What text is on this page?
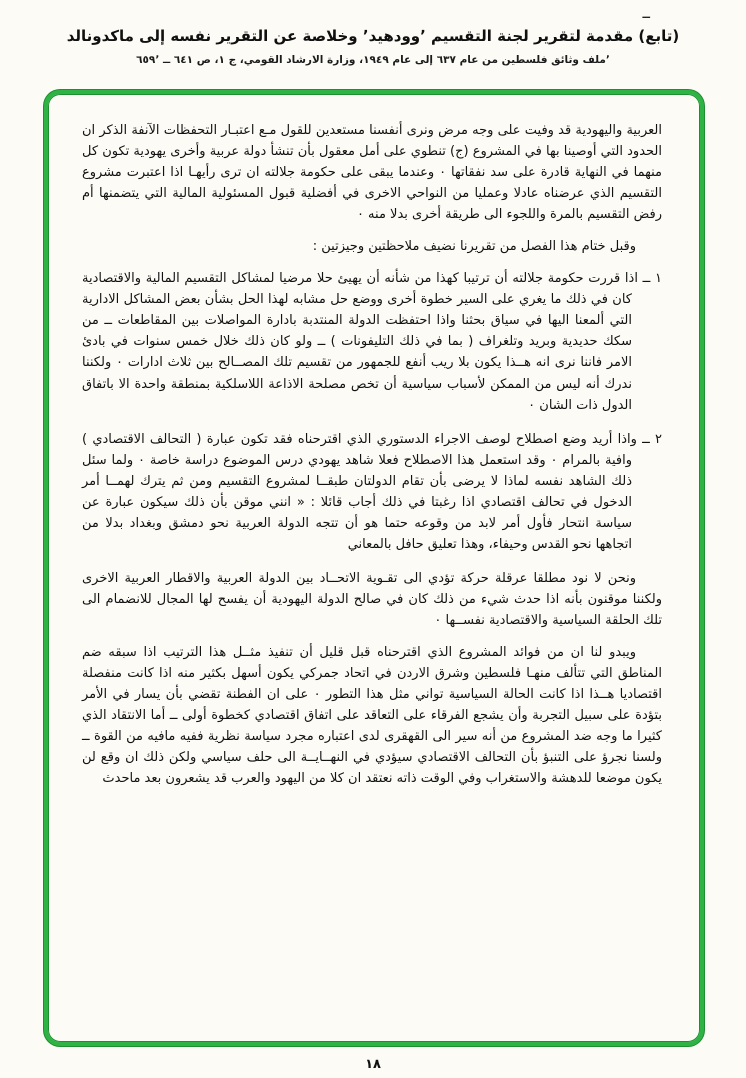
ــ
(تابع) مقدمة لتقرير لجنة التقسيم ٬وودهيد٬ وخلاصة عن التقرير نفسه إلى ماكدونالد
٬ملف وثائق فلسطين من عام ٦٣٧ إلى عام ١٩٤٩، وزارة الارشاد القومي، ج ١، ص ٦٤١ ــ ٦٥٩٬

العربية واليهودية قد وفيت على وجه مرض ونرى أنفسنا مستعدين للقول مـع اعتبـار التحفظات الآنفة الذكر ان الحدود التي أوصينا بها في المشروع (ج) تنطوي على أمل معقول بأن تنشأ دولة عربية وأخرى يهودية تكون كل منهما في النهاية قادرة على سد نفقاتها ٠ وعندما يبقى على حكومة جلالته ان ترى رأيهـا اذا اعتبرت مشروع التقسيم الذي عرضناه عادلا وعمليا من النواحي الاخرى في أفضلية قبول المسئولية المالية التي يتضمنها أم رفض التقسيم بالمرة واللجوء الى طريقة أخرى بدلا منه ٠

وقبل ختام هذا الفصل من تقريرنا نضيف ملاحظتين وجيزتين :

١ ــ اذا قررت حكومة جلالته أن ترتيبا كهذا من شأنه أن يهيئ حلا مرضيا لمشاكل التقسيم المالية والاقتصادية كان في ذلك ما يغري على السير خطوة أخرى ووضع حل مشابه لهذا الحل بشأن بعض المشاكل الادارية التي ألمعنا اليها في سياق بحثنا واذا احتفظت الدولة المنتدبة بادارة المواصلات بين المقاطعات ــ من سكك حديدية وبريد وتلغراف ( بما في ذلك التليفونات ) ــ ولو كان ذلك خلال خمس سنوات في بادئ الامر فاننا نرى انه هــذا يكون بلا ريب أنفع للجمهور من تقسيم تلك المصــالح بين ثلاث ادارات ٠ ولكننا ندرك أنه ليس من الممكن لأسباب سياسية أن تخص مصلحة الاذاعة اللاسلكية بمنطقة واحدة الا باتفاق الدول ذات الشان ٠

٢ ــ واذا أريد وضع اصطلاح لوصف الاجراء الدستوري الذي اقترحناه فقد تكون عبارة ( التحالف الاقتصادي ) وافية بالمرام ٠ وقد استعمل هذا الاصطلاح فعلا شاهد يهودي درس الموضوع دراسة خاصة ٠ ولما سئل ذلك الشاهد نفسه لماذا لا يرضى بأن تقام الدولتان طبقــا لمشروع التقسيم ومن ثم يترك لهمــا أمر الدخول في تحالف اقتصادي اذا رغبتا في ذلك أجاب قائلا : « انني موقن بأن ذلك سيكون عبارة عن سياسة انتحار فأول أمر لابد من وقوعه حتما هو أن تتجه الدولة العربية نحو دمشق وبغداد بدلا من اتجاهها نحو القدس وحيفاء، وهذا تعليق حافل بالمعاني

ونحن لا نود مطلقا عرقلة حركة تؤدي الى تقـوية الاتحــاد بين الدولة العربية والاقطار العربية الاخرى ولكننا موقنون بأنه اذا حدث شيء من ذلك كان في صالح الدولة اليهودية أن يفسح لها المجال للانضمام الى تلك الحلقة السياسية والاقتصادية نفســها ٠

ويبدو لنا ان من فوائد المشروع الذي اقترحناه قبل قليل أن تنفيذ مثــل هذا الترتيب اذا سبقه ضم المناطق التي تتألف منهـا فلسطين وشرق الاردن في اتحاد جمركي يكون أسهل بكثير منه اذا كانت منفصلة اقتصاديا هــذا اذا كانت الحالة السياسية تواني مثل هذا التطور ٠ على ان الفطنة تقضي بأن يسار في الأمر بتؤدة على سبيل التجربة وأن يشجع الفرقاء على التعاقد على اتفاق اقتصادي كخطوة أولى ــ أما الانتقاد الذي كثيرا ما وجه ضد المشروع من أنه سير الى القهقرى لدى اعتباره مجرد سياسة نظرية ففيه مافيه من القوة ــ ولسنا نجرؤ على التنبؤ بأن التحالف الاقتصادي سيؤدي في النهــايــة الى حلف سياسي ولكن ذلك ان وقع لن يكون موضعا للدهشة والاستغراب وفي الوقت ذاته نعتقد ان كلا من اليهود والعرب قد يشعرون بعد ماحدث

١٨
